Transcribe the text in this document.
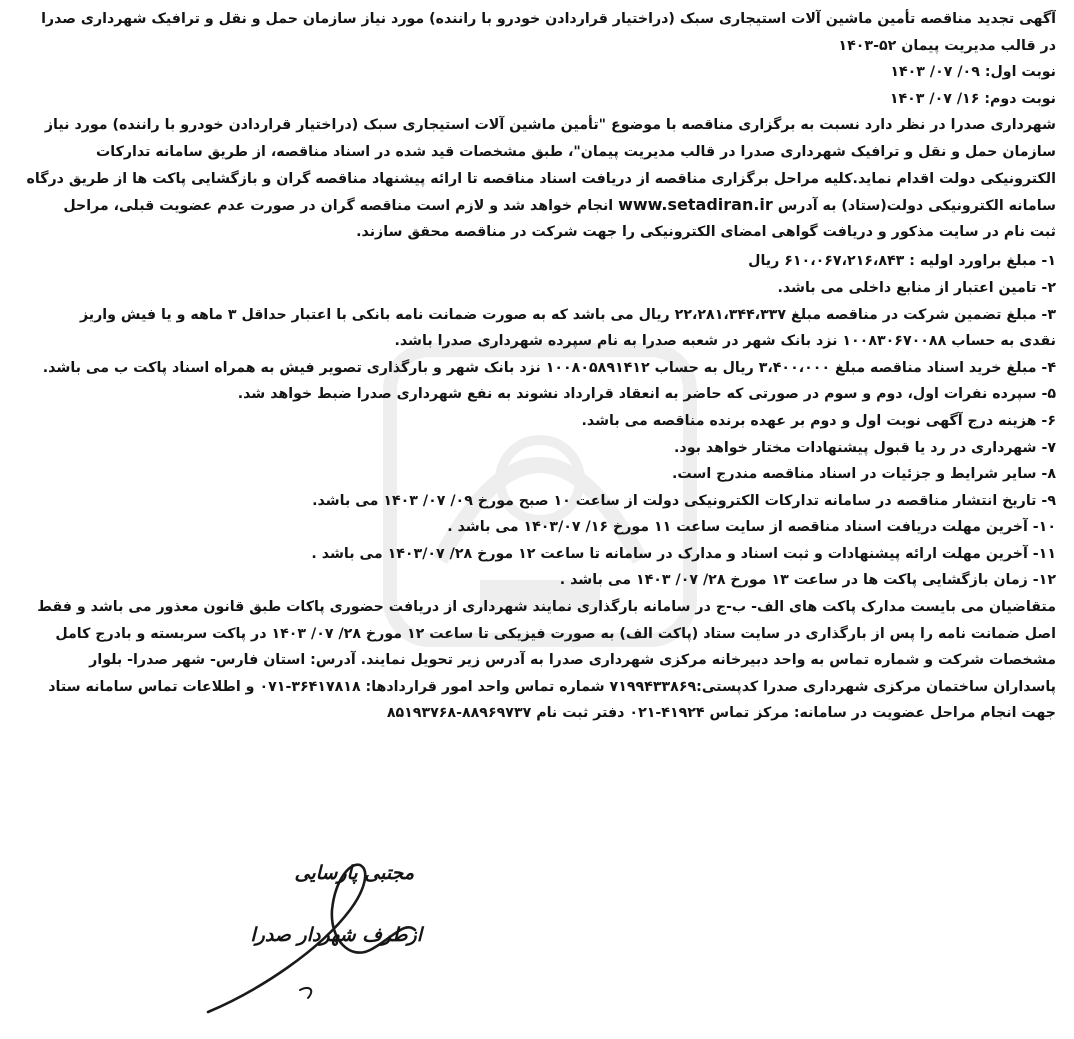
آگهی تجدید مناقصه تأمین ماشین آلات استیجاری سبک (دراختیار قراردادن خودرو با راننده) مورد نیاز سازمان حمل و نقل و ترافیک شهرداری صدرا
در قالب مدیریت پیمان ۵۲-۱۴۰۳
نوبت اول: ۰۹/ ۰۷/ ۱۴۰۳
نوبت دوم: ۱۶/ ۰۷/ ۱۴۰۳
شهرداری صدرا در نظر دارد نسبت به برگزاری مناقصه با موضوع "تأمین ماشین آلات استیجاری سبک (دراختیار قراردادن خودرو با راننده) مورد نیاز
سازمان حمل و نقل و ترافیک شهرداری صدرا در قالب مدیریت پیمان"، طبق مشخصات قید شده در اسناد مناقصه، از طریق سامانه تدارکات
الکترونیکی دولت اقدام نماید.کلیه مراحل برگزاری مناقصه از دریافت اسناد مناقصه تا ارائه پیشنهاد مناقصه گران و بازگشایی پاکت ها از طریق درگاه
سامانه الکترونیکی دولت(ستاد) به آدرس www.setadiran.ir انجام خواهد شد و لازم است مناقصه گران در صورت عدم عضویت قبلی، مراحل
ثبت نام در سایت مذکور و دریافت گواهی امضای الکترونیکی را جهت شرکت در مناقصه محقق سازند.
۱- مبلغ براورد اولیه : ۶۱۰،۰۶۷،۲۱۶،۸۴۳ ریال
۲- تامین اعتبار از منابع داخلی می باشد.
۳- مبلغ تضمین شرکت در مناقصه مبلغ ۲۲،۲۸۱،۳۴۴،۳۳۷ ریال می باشد که به صورت ضمانت نامه بانکی با اعتبار حداقل ۳ ماهه و یا فیش واریز
نقدی به حساب ۱۰۰۸۳۰۶۷۰۰۸۸ نزد بانک شهر در شعبه صدرا به نام سپرده شهرداری صدرا باشد.
۴- مبلغ خرید اسناد مناقصه مبلغ ۳،۴۰۰،۰۰۰ ریال به حساب ۱۰۰۸۰۵۸۹۱۴۱۲ نزد بانک شهر و بارگذاری تصویر فیش به همراه اسناد پاکت ب می باشد.
۵- سپرده نفرات اول، دوم و سوم در صورتی که حاضر به انعقاد قرارداد نشوند به نفع شهرداری صدرا ضبط خواهد شد.
۶- هزینه درج آگهی نوبت اول و دوم بر عهده برنده مناقصه می باشد.
۷- شهرداری در رد یا قبول پیشنهادات مختار خواهد بود.
۸- سایر شرایط و جزئیات در اسناد مناقصه مندرج است.
۹- تاریخ انتشار مناقصه در سامانه تدارکات الکترونیکی دولت از ساعت ۱۰ صبح مورخ ۰۹/ ۰۷/ ۱۴۰۳ می باشد.
۱۰- آخرین مهلت دریافت اسناد مناقصه از سایت ساعت ۱۱ مورخ ۱۶/ ۱۴۰۳/۰۷ می باشد .
۱۱- آخرین مهلت ارائه پیشنهادات و ثبت اسناد و مدارک در سامانه تا ساعت ۱۲ مورخ ۲۸/ ۱۴۰۳/۰۷ می باشد .
۱۲- زمان بازگشایی پاکت ها در ساعت ۱۳ مورخ ۲۸/ ۰۷/ ۱۴۰۳ می باشد .
متقاضیان می بایست مدارک پاکت های الف- ب-ج در سامانه بارگذاری نمایند شهرداری از دریافت حضوری پاکات طبق قانون معذور می باشد و فقط
اصل ضمانت نامه را پس از بارگذاری در سایت ستاد (پاکت الف) به صورت فیزیکی تا ساعت ۱۲ مورخ ۲۸/ ۰۷/ ۱۴۰۳ در پاکت سربسته و بادرج کامل
مشخصات شرکت و شماره تماس به واحد دبیرخانه مرکزی شهرداری صدرا به آدرس زیر تحویل نمایند. آدرس: استان فارس- شهر صدرا- بلوار
پاسداران ساختمان مرکزی شهرداری صدرا کدپستی:۷۱۹۹۴۳۳۸۶۹ شماره تماس واحد امور قراردادها: ۳۶۴۱۷۸۱۸-۰۷۱ و اطلاعات تماس سامانه ستاد
جهت انجام مراحل عضویت در سامانه: مرکز تماس ۴۱۹۲۴-۰۲۱ دفتر ثبت نام ۸۸۹۶۹۷۳۷-۸۵۱۹۳۷۶۸
مجتبی پارسایی
ازطرف شهردار صدرا
